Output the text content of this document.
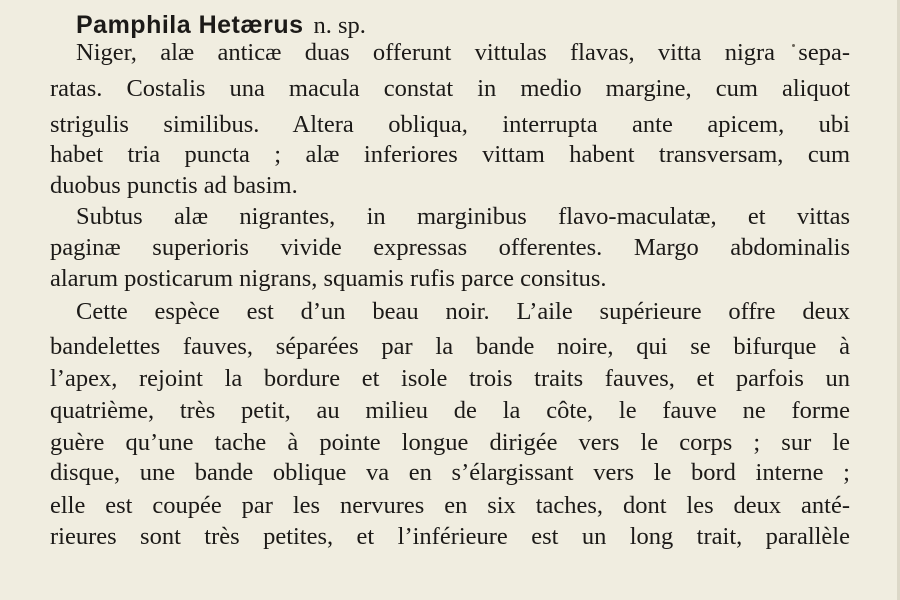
Pamphila Hetærus n. sp.
Niger, alæ anticæ duas offerunt vittulas flavas, vitta nigra sepa-
ratas. Costalis una macula constat in medio margine, cum aliquot
strigulis similibus. Altera obliqua, interrupta ante apicem, ubi
habet tria puncta ; alæ inferiores vittam habent transversam, cum
duobus punctis ad basim.
Subtus alæ nigrantes, in marginibus flavo-maculatæ, et vittas
paginæ superioris vivide expressas offerentes. Margo abdominalis
alarum posticarum nigrans, squamis rufis parce consitus.
Cette espèce est d’un beau noir. L’aile supérieure offre deux
bandelettes fauves, séparées par la bande noire, qui se bifurque à
l’apex, rejoint la bordure et isole trois traits fauves, et parfois un
quatrième, très petit, au milieu de la côte, le fauve ne forme
guère qu’une tache à pointe longue dirigée vers le corps ; sur le
disque, une bande oblique va en s’élargissant vers le bord interne ;
elle est coupée par les nervures en six taches, dont les deux anté-
rieures sont très petites, et l’inférieure est un long trait, parallèle
